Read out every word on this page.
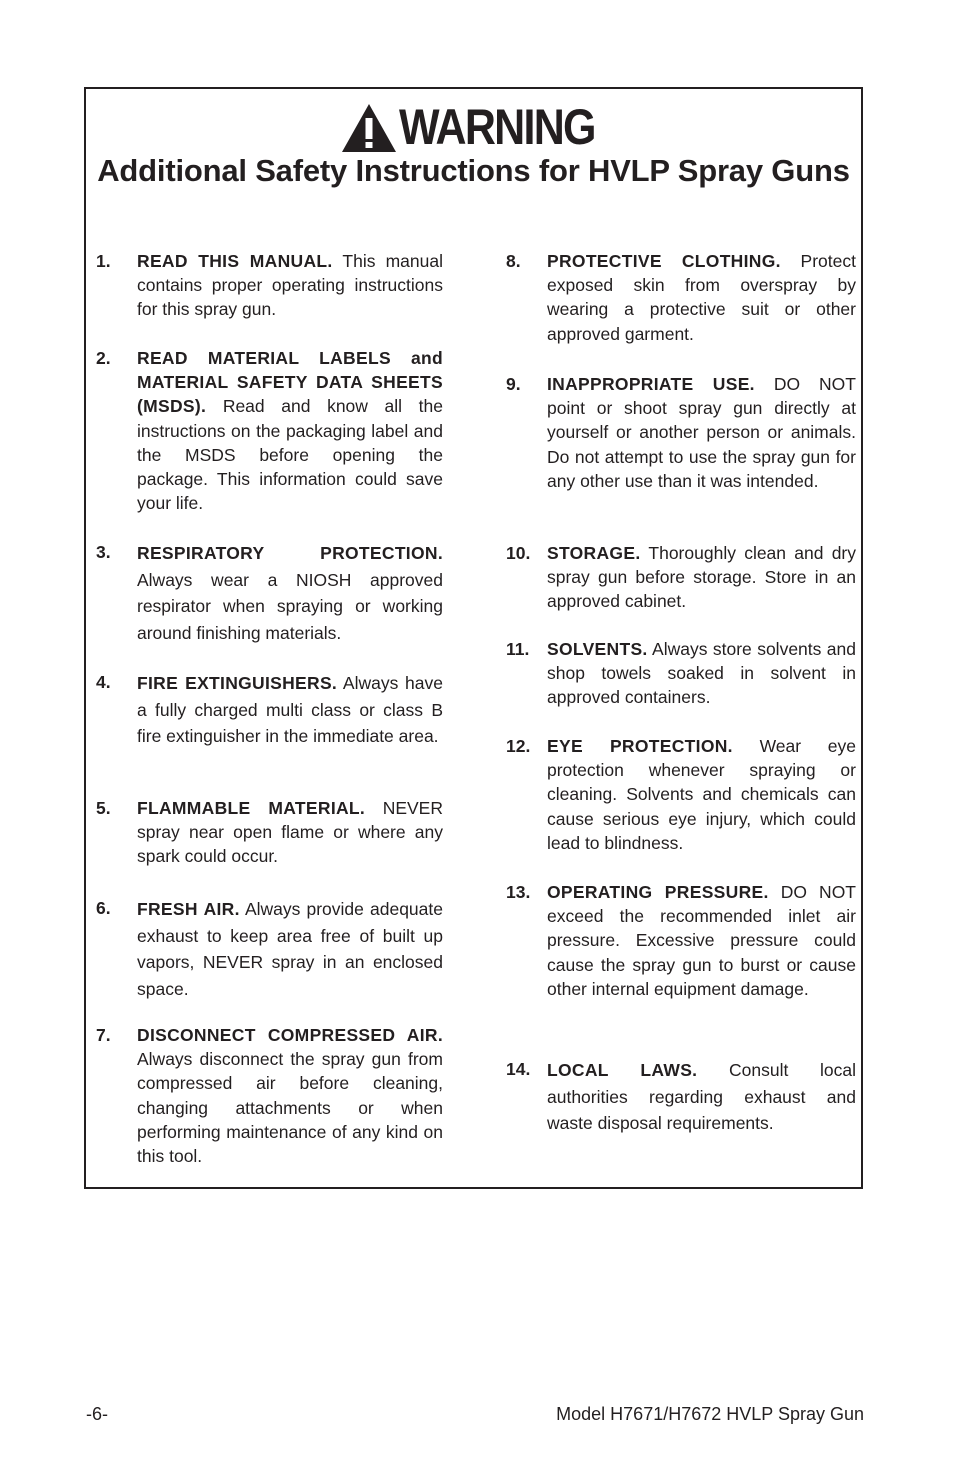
WARNING
Additional Safety Instructions for HVLP Spray Guns
1. READ THIS MANUAL. This manual contains proper operating instructions for this spray gun.
2. READ MATERIAL LABELS and MATERIAL SAFETY DATA SHEETS (MSDS). Read and know all the instructions on the packaging label and the MSDS before opening the package. This information could save your life.
3. RESPIRATORY PROTECTION. Always wear a NIOSH approved respirator when spraying or working around finishing materials.
4. FIRE EXTINGUISHERS. Always have a fully charged multi class or class B fire extinguisher in the immediate area.
5. FLAMMABLE MATERIAL. NEVER spray near open flame or where any spark could occur.
6. FRESH AIR. Always provide adequate exhaust to keep area free of built up vapors, NEVER spray in an enclosed space.
7. DISCONNECT COMPRESSED AIR. Always disconnect the spray gun from compressed air before cleaning, changing attachments or when performing maintenance of any kind on this tool.
8. PROTECTIVE CLOTHING. Protect exposed skin from overspray by wearing a protective suit or other approved garment.
9. INAPPROPRIATE USE. DO NOT point or shoot spray gun directly at yourself or another person or animals. Do not attempt to use the spray gun for any other use than it was intended.
10. STORAGE. Thoroughly clean and dry spray gun before storage. Store in an approved cabinet.
11. SOLVENTS. Always store solvents and shop towels soaked in solvent in approved containers.
12. EYE PROTECTION. Wear eye protection whenever spraying or cleaning. Solvents and chemicals can cause serious eye injury, which could lead to blindness.
13. OPERATING PRESSURE. DO NOT exceed the recommended inlet air pressure. Excessive pressure could cause the spray gun to burst or cause other internal equipment damage.
14. LOCAL LAWS. Consult local authorities regarding exhaust and waste disposal requirements.
-6-	Model H7671/H7672 HVLP Spray Gun
